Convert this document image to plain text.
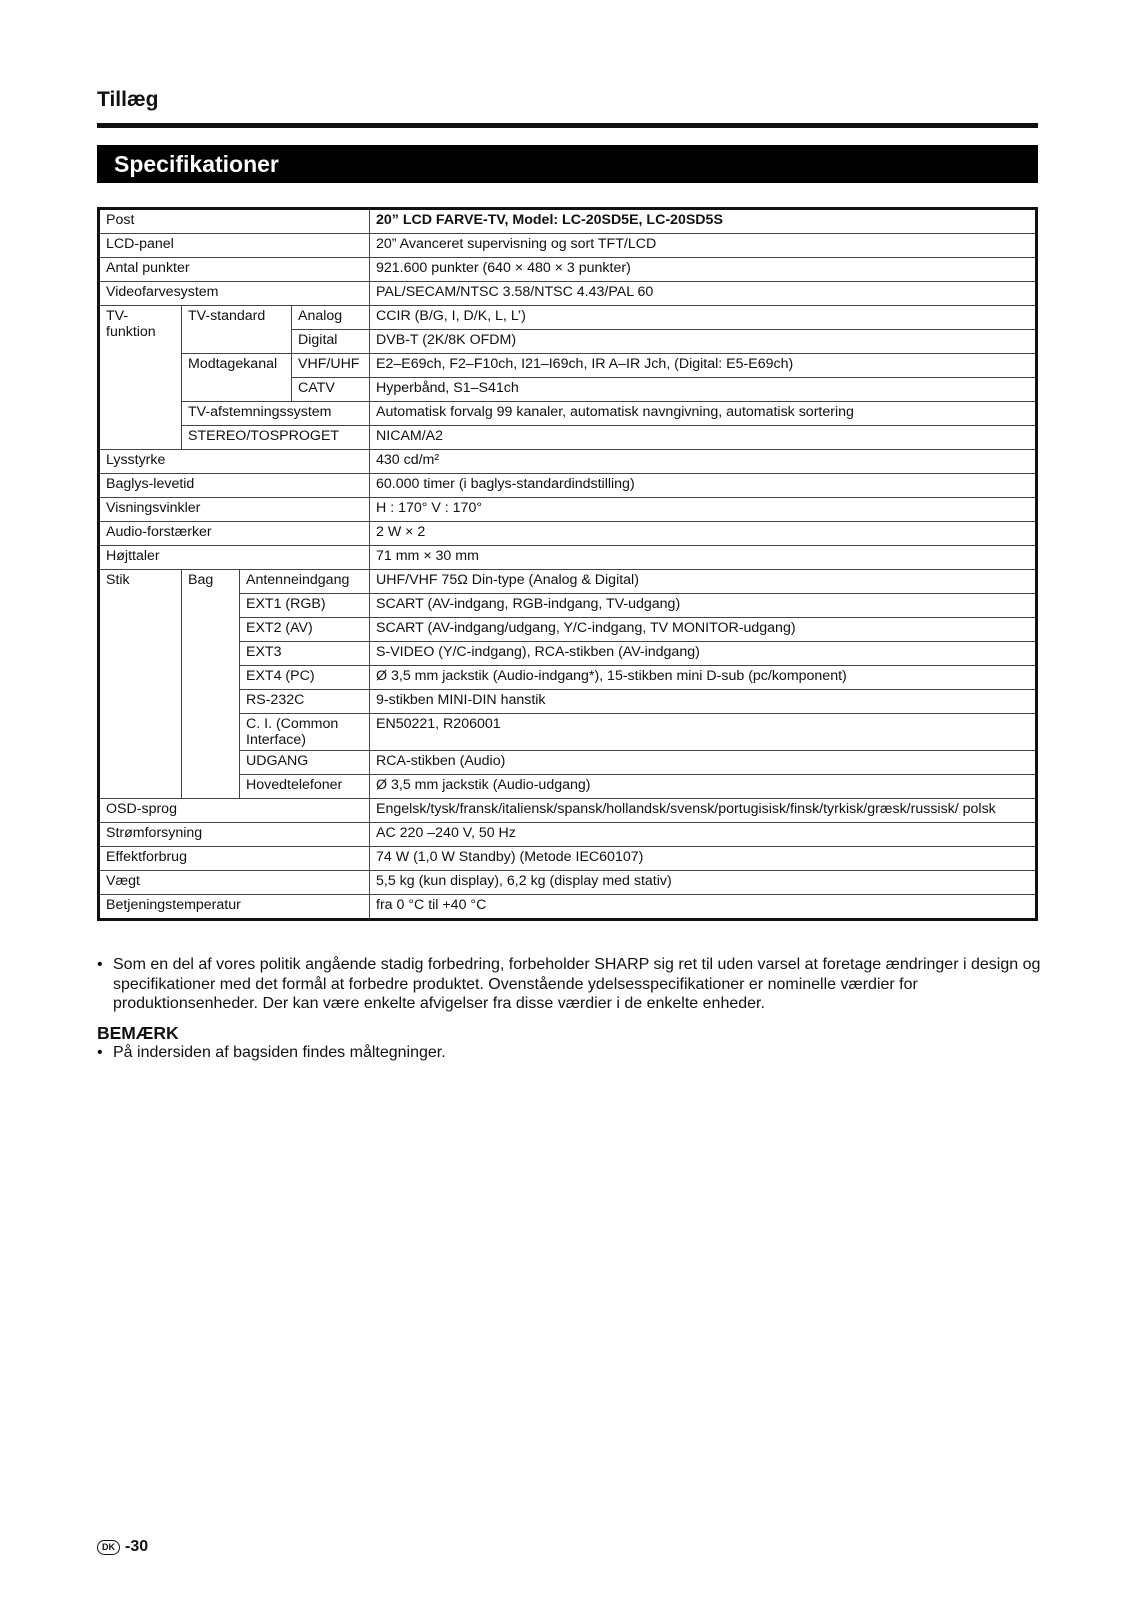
Tillæg
Specifikationer
Post				20” LCD FARVE-TV, Model: LC-20SD5E, LC-20SD5S
LCD-panel				20” Avanceret supervisning og sort TFT/LCD
Antal punkter				921.600 punkter (640 × 480 × 3 punkter)
Videofarvesystem				PAL/SECAM/NTSC 3.58/NTSC 4.43/PAL 60
TV-funktion	TV-standard		Analog	CCIR (B/G, I, D/K, L, L’)
			Digital	DVB-T (2K/8K OFDM)
	Modtagekanal		VHF/UHF	E2–E69ch, F2–F10ch, I21–I69ch, IR A–IR Jch, (Digital: E5-E69ch)
			CATV	Hyperbånd, S1–S41ch
	TV-afstemningssystem			Automatisk forvalg 99 kanaler, automatisk navngivning, automatisk sortering
	STEREO/TOSPROGET			NICAM/A2
Lysstyrke				430 cd/m²
Baglys-levetid				60.000 timer (i baglys-standardindstilling)
Visningsvinkler				H : 170° V : 170°
Audio-forstærker				2 W × 2
Højttaler				71 mm × 30 mm
Stik	Bag	Antenneindgang		UHF/VHF 75Ω Din-type (Analog & Digital)
		EXT1 (RGB)		SCART (AV-indgang, RGB-indgang, TV-udgang)
		EXT2 (AV)		SCART (AV-indgang/udgang, Y/C-indgang, TV MONITOR-udgang)
		EXT3		S-VIDEO (Y/C-indgang), RCA-stikben (AV-indgang)
		EXT4 (PC)		Ø 3,5 mm jackstik (Audio-indgang*), 15-stikben mini D-sub (pc/komponent)
		RS-232C		9-stikben MINI-DIN hanstik
		C. I. (Common Interface)		EN50221, R206001
		UDGANG		RCA-stikben (Audio)
		Hovedtelefoner		Ø 3,5 mm jackstik (Audio-udgang)
OSD-sprog				Engelsk/tysk/fransk/italiensk/spansk/hollandsk/svensk/portugisisk/finsk/tyrkisk/græsk/russisk/ polsk
Strømforsyning				AC 220 –240 V, 50 Hz
Effektforbrug				74 W (1,0 W Standby) (Metode IEC60107)
Vægt				5,5 kg (kun display), 6,2 kg (display med stativ)
Betjeningstemperatur				fra 0 °C til +40 °C
• Som en del af vores politik angående stadig forbedring, forbeholder SHARP sig ret til uden varsel at foretage ændringer i design og specifikationer med det formål at forbedre produktet. Ovenstående ydelsesspecifikationer er nominelle værdier for produktionsenheder. Der kan være enkelte afvigelser fra disse værdier i de enkelte enheder.
BEMÆRK
• På indersiden af bagsiden findes måltegninger.
DK -30
